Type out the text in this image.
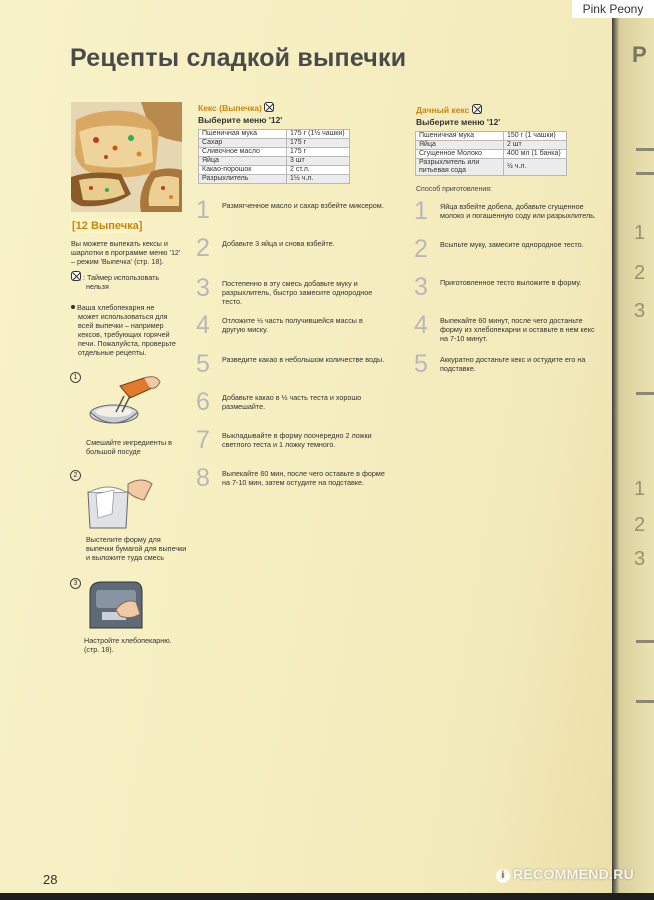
Рецепты сладкой выпечки
[12 Выпечка]
Вы можете выпекать кексы и
шарлотки в программе меню '12'
– режим 'Выпечка' (стр. 18).
: Таймер использовать
нельзя
Ваша хлебопекарня не
может использоваться для
всей выпечки – например
кексов, требующих горячей
печи. Пожалуйста, проверьте
отдельные рецепты.
1
Смешайте ингредиенты в
большой посуде
2
Выстелите форму для
выпечки бумагой для выпечки
и выложите туда смесь
3
Настройте хлебопекарню.
(стр. 18).
Кекс (Выпечка)
Выберите меню '12'
Пшеничная мука	175 г (1½ чашки)
Сахар	175 г
Сливочное масло	175 г
Яйца	3 шт
Какао-порошок	2 ст.л.
Разрыхлитель	1½ ч.л.
1	Размягченное масло и сахар взбейте миксером.
2	Добавьте 3 яйца и снова взбейте.
3	Постепенно в эту смесь добавьте муку и
разрыхлитель, быстро замесите однородное
тесто.
4	Отложите ½ часть получившейся массы в
другую миску.
5	Разведите какао в небольшом количестве воды.
6	Добавьте какао в ½ часть теста и хорошо
размешайте.
7	Выкладывайте в форму поочередно 2 ложки
светлого теста и 1 ложку темного.
8	Выпекайте 60 мин, после чего оставьте в форме
на 7-10 мин, затем остудите на подставке.
Дачный кекс
Выберите меню '12'
Пшеничная мука	150 г (1 чашки)
Яйца	2 шт
Сгущенное Молоко	400 мл (1 банка)
Разрыхлитель или питьевая сода	½ ч.л.
Способ приготовления:
1	Яйца взбейте добела, добавьте сгущенное
молоко и погашенную соду или разрыхлитель.
2	Всыпьте муку, замесите однородное тесто.
3	Приготовленное тесто выложите в форму.
4	Выпекайте 60 минут, после чего достаньте
форму из хлебопекарни и оставьте в нем кекс
на 7-10 минут.
5	Аккуратно достаньте кекс и остудите его на
подставке.
28
Р
1
2
3
1
2
3
Pink Peony
i RECOMMEND.RU
